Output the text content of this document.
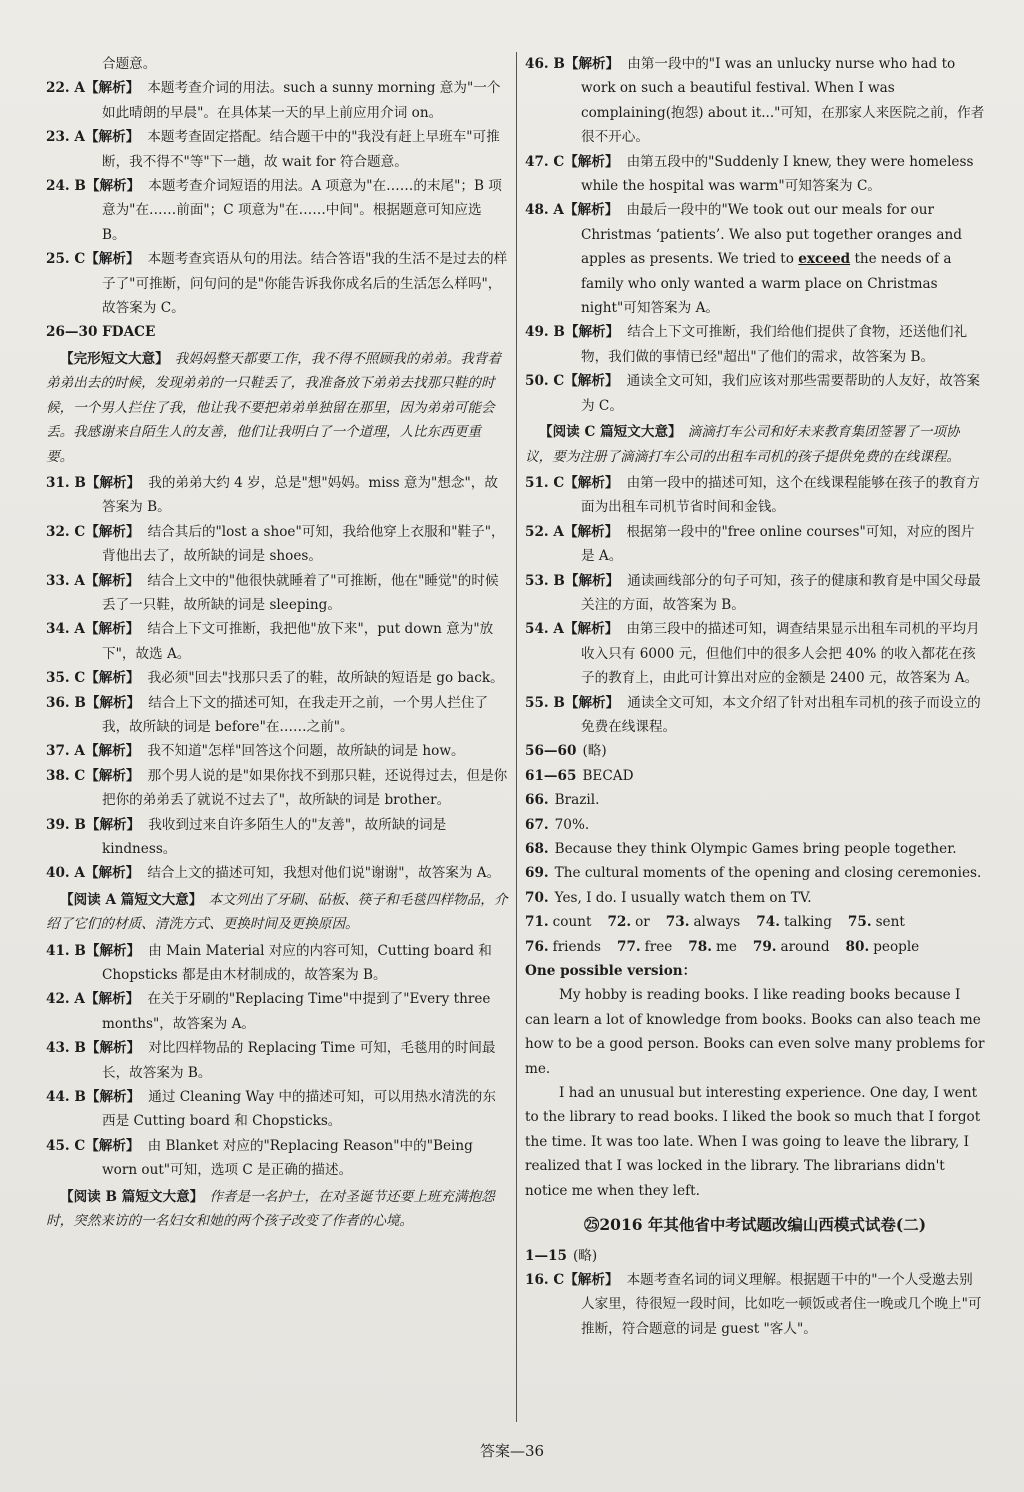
合题意。

22. A【解析】 本题考查介词的用法。such a sunny morning 意为"一个如此晴朗的早晨"。在具体某一天的早上前应用介词 on。

23. A【解析】 本题考查固定搭配。结合题干中的"我没有赶上早班车"可推断，我不得不"等"下一趟，故 wait for 符合题意。

24. B【解析】 本题考查介词短语的用法。A 项意为"在……的末尾"；B 项意为"在……前面"；C 项意为"在……中间"。根据题意可知应选 B。

25. C【解析】 本题考查宾语从句的用法。结合答语"我的生活不是过去的样子了"可推断，问句问的是"你能告诉我你成名后的生活怎么样吗"，故答案为 C。

26—30 FDACE

【完形短文大意】 我妈妈整天都要工作，我不得不照顾我的弟弟。我背着弟弟出去的时候，发现弟弟的一只鞋丢了，我准备放下弟弟去找那只鞋的时候，一个男人拦住了我，他让我不要把弟弟单独留在那里，因为弟弟可能会丢。我感谢来自陌生人的友善，他们让我明白了一个道理，人比东西更重要。

31. B【解析】 我的弟弟大约 4 岁，总是"想"妈妈。miss 意为"想念"，故答案为 B。

32. C【解析】 结合其后的"lost a shoe"可知，我给他穿上衣服和"鞋子"，背他出去了，故所缺的词是 shoes。

33. A【解析】 结合上文中的"他很快就睡着了"可推断，他在"睡觉"的时候丢了一只鞋，故所缺的词是 sleeping。

34. A【解析】 结合上下文可推断，我把他"放下来"，put down 意为"放下"，故选 A。

35. C【解析】 我必须"回去"找那只丢了的鞋，故所缺的短语是 go back。

36. B【解析】 结合上下文的描述可知，在我走开之前，一个男人拦住了我，故所缺的词是 before"在……之前"。

37. A【解析】 我不知道"怎样"回答这个问题，故所缺的词是 how。

38. C【解析】 那个男人说的是"如果你找不到那只鞋，还说得过去，但是你把你的弟弟丢了就说不过去了"，故所缺的词是 brother。

39. B【解析】 我收到过来自许多陌生人的"友善"，故所缺的词是 kindness。

40. A【解析】 结合上文的描述可知，我想对他们说"谢谢"，故答案为 A。

【阅读 A 篇短文大意】 本文列出了牙刷、砧板、筷子和毛毯四样物品，介绍了它们的材质、清洗方式、更换时间及更换原因。

41. B【解析】 由 Main Material 对应的内容可知，Cutting board 和 Chopsticks 都是由木材制成的，故答案为 B。

42. A【解析】 在关于牙刷的"Replacing Time"中提到了"Every three months"，故答案为 A。

43. B【解析】 对比四样物品的 Replacing Time 可知，毛毯用的时间最长，故答案为 B。

44. B【解析】 通过 Cleaning Way 中的描述可知，可以用热水清洗的东西是 Cutting board 和 Chopsticks。

45. C【解析】 由 Blanket 对应的"Replacing Reason"中的"Being worn out"可知，选项 C 是正确的描述。

【阅读 B 篇短文大意】 作者是一名护士，在对圣诞节还要上班充满抱怨时，突然来访的一名妇女和她的两个孩子改变了作者的心境。

46. B【解析】 由第一段中的"I was an unlucky nurse who had to work on such a beautiful festival. When I was complaining(抱怨) about it..."可知，在那家人来医院之前，作者很不开心。

47. C【解析】 由第五段中的"Suddenly I knew, they were homeless while the hospital was warm"可知答案为 C。

48. A【解析】 由最后一段中的"We took out our meals for our Christmas ‘patients’. We also put together oranges and apples as presents. We tried to exceed the needs of a family who only wanted a warm place on Christmas night"可知答案为 A。

49. B【解析】 结合上下文可推断，我们给他们提供了食物，还送他们礼物，我们做的事情已经"超出"了他们的需求，故答案为 B。

50. C【解析】 通读全文可知，我们应该对那些需要帮助的人友好，故答案为 C。

【阅读 C 篇短文大意】 滴滴打车公司和好未来教育集团签署了一项协议，要为注册了滴滴打车公司的出租车司机的孩子提供免费的在线课程。

51. C【解析】 由第一段中的描述可知，这个在线课程能够在孩子的教育方面为出租车司机节省时间和金钱。

52. A【解析】 根据第一段中的"free online courses"可知，对应的图片是 A。

53. B【解析】 通读画线部分的句子可知，孩子的健康和教育是中国父母最关注的方面，故答案为 B。

54. A【解析】 由第三段中的描述可知，调查结果显示出租车司机的平均月收入只有 6000 元，但他们中的很多人会把 40% 的收入都花在孩子的教育上，由此可计算出对应的金额是 2400 元，故答案为 A。

55. B【解析】 通读全文可知，本文介绍了针对出租车司机的孩子而设立的免费在线课程。

56—60 (略)

61—65 BECAD

66. Brazil.

67. 70%.

68. Because they think Olympic Games bring people together.

69. The cultural moments of the opening and closing ceremonies.

70. Yes, I do. I usually watch them on TV.

71. count 72. or 73. always 74. talking 75. sent

76. friends 77. free 78. me 79. around 80. people

One possible version：

My hobby is reading books. I like reading books because I can learn a lot of knowledge from books. Books can also teach me how to be a good person. Books can even solve many problems for me.

I had an unusual but interesting experience. One day, I went to the library to read books. I liked the book so much that I forgot the time. It was too late. When I was going to leave the library, I realized that I was locked in the library. The librarians didn't notice me when they left.

㉕2016 年其他省中考试题改编山西模式试卷(二)

1—15 (略)

16. C【解析】 本题考查名词的词义理解。根据题干中的"一个人受邀去别人家里，待很短一段时间，比如吃一顿饭或者住一晚或几个晚上"可推断，符合题意的词是 guest "客人"。

答案—36
